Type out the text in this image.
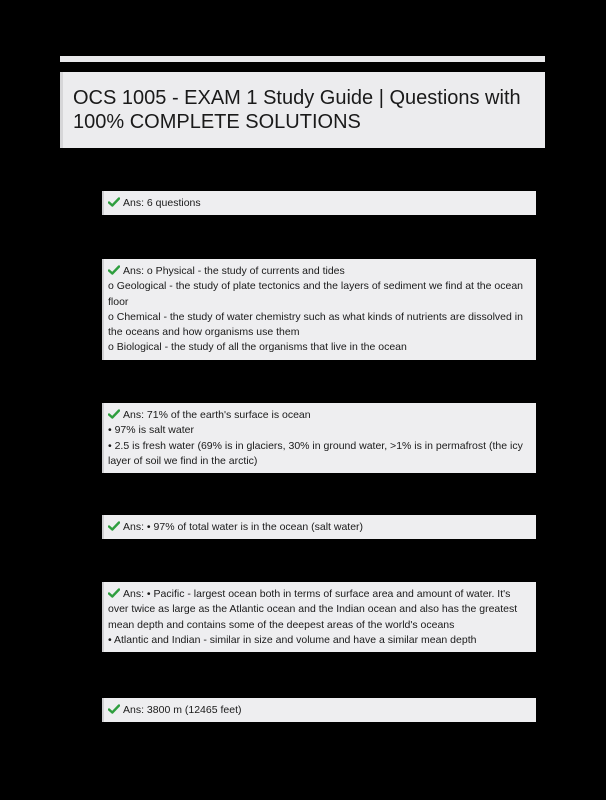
OCS 1005 - EXAM 1 Study Guide | Questions with 100% COMPLETE SOLUTIONS

Ans: 6 questions

Ans: o Physical - the study of currents and tides

o Geological - the study of plate tectonics and the layers of sediment we find at the ocean floor

o Chemical - the study of water chemistry such as what kinds of nutrients are dissolved in the oceans and how organisms use them

o Biological - the study of all the organisms that live in the ocean

Ans: 71% of the earth's surface is ocean

• 97% is salt water

• 2.5 is fresh water (69% is in glaciers, 30% in ground water, >1% is in permafrost (the icy layer of soil we find in the arctic)

Ans: • 97% of total water is in the ocean (salt water)

Ans: • Pacific - largest ocean both in terms of surface area and amount of water. It's over twice as large as the Atlantic ocean and the Indian ocean and also has the greatest mean depth and contains some of the deepest areas of the world's oceans

• Atlantic and Indian - similar in size and volume and have a similar mean depth

Ans: 3800 m (12465 feet)
